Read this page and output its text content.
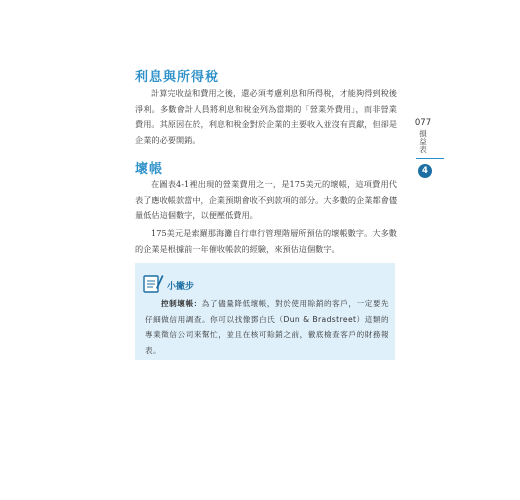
利息與所得稅

計算完收益和費用之後，還必須考慮利息和所得稅，才能夠得到稅後淨利。多數會計人員將利息和稅金列為當期的「營業外費用」，而非營業費用。其原因在於，利息和稅金對於企業的主要收入並沒有貢獻，但卻是企業的必要開銷。

壞帳

在圖表4-1裡出現的營業費用之一，是175美元的壞帳，這項費用代表了應收帳款當中，企業預期會收不到款項的部分。大多數的企業都會儘量低估這個數字，以便壓低費用。

175美元是索羅那海灘自行車行管理階層所預估的壞帳數字。大多數的企業是根據前一年催收帳款的經驗，來預估這個數字。

小撇步

控制壞帳：為了儘量降低壞帳，對於使用賒銷的客戶，一定要先仔細做信用調查。你可以找像鄧白氏（Dun & Bradstreet）這類的專業徵信公司來幫忙，並且在核可賒銷之前，徹底檢查客戶的財務報表。

077
損益表
4
